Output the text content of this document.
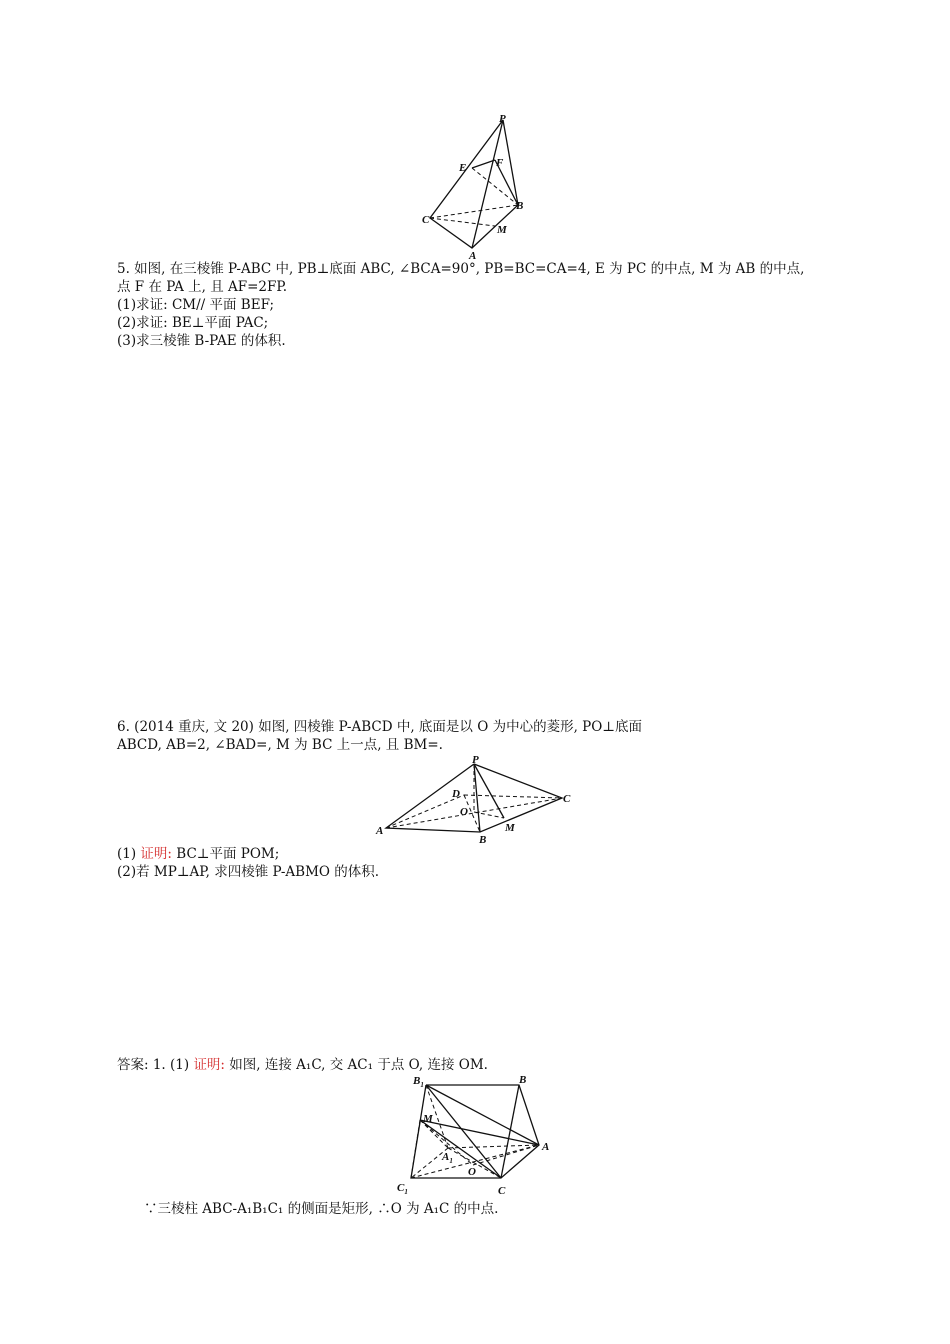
P
E	F
C
B
M
A
5. 如图, 在三棱锥 P-ABC 中, PB⊥底面 ABC, ∠BCA=90°, PB=BC=CA=4, E 为 PC 的中点, M 为 AB 的中点,
点 F 在 PA 上, 且 AF=2FP.
(1)求证: CM// 平面 BEF;
(2)求证: BE⊥平面 PAC;
(3)求三棱锥 B-PAE 的体积.
6. (2014 重庆, 文 20) 如图, 四棱锥 P-ABCD 中, 底面是以 O 为中心的菱形, PO⊥底面
ABCD, AB=2, ∠BAD=, M 为 BC 上一点, 且 BM=.
P
D	C
O
A
B
M
(1) 证明: BC⊥平面 POM;
(2)若 MP⊥AP, 求四棱锥 P-ABMO 的体积.
答案: 1. (1) 证明: 如图, 连接 A₁C, 交 AC₁ 于点 O, 连接 OM.
$B_1$	B
M
A
$A_1$
O
$C_1$	C
∵三棱柱 ABC-A₁B₁C₁ 的侧面是矩形, ∴O 为 A₁C 的中点.
